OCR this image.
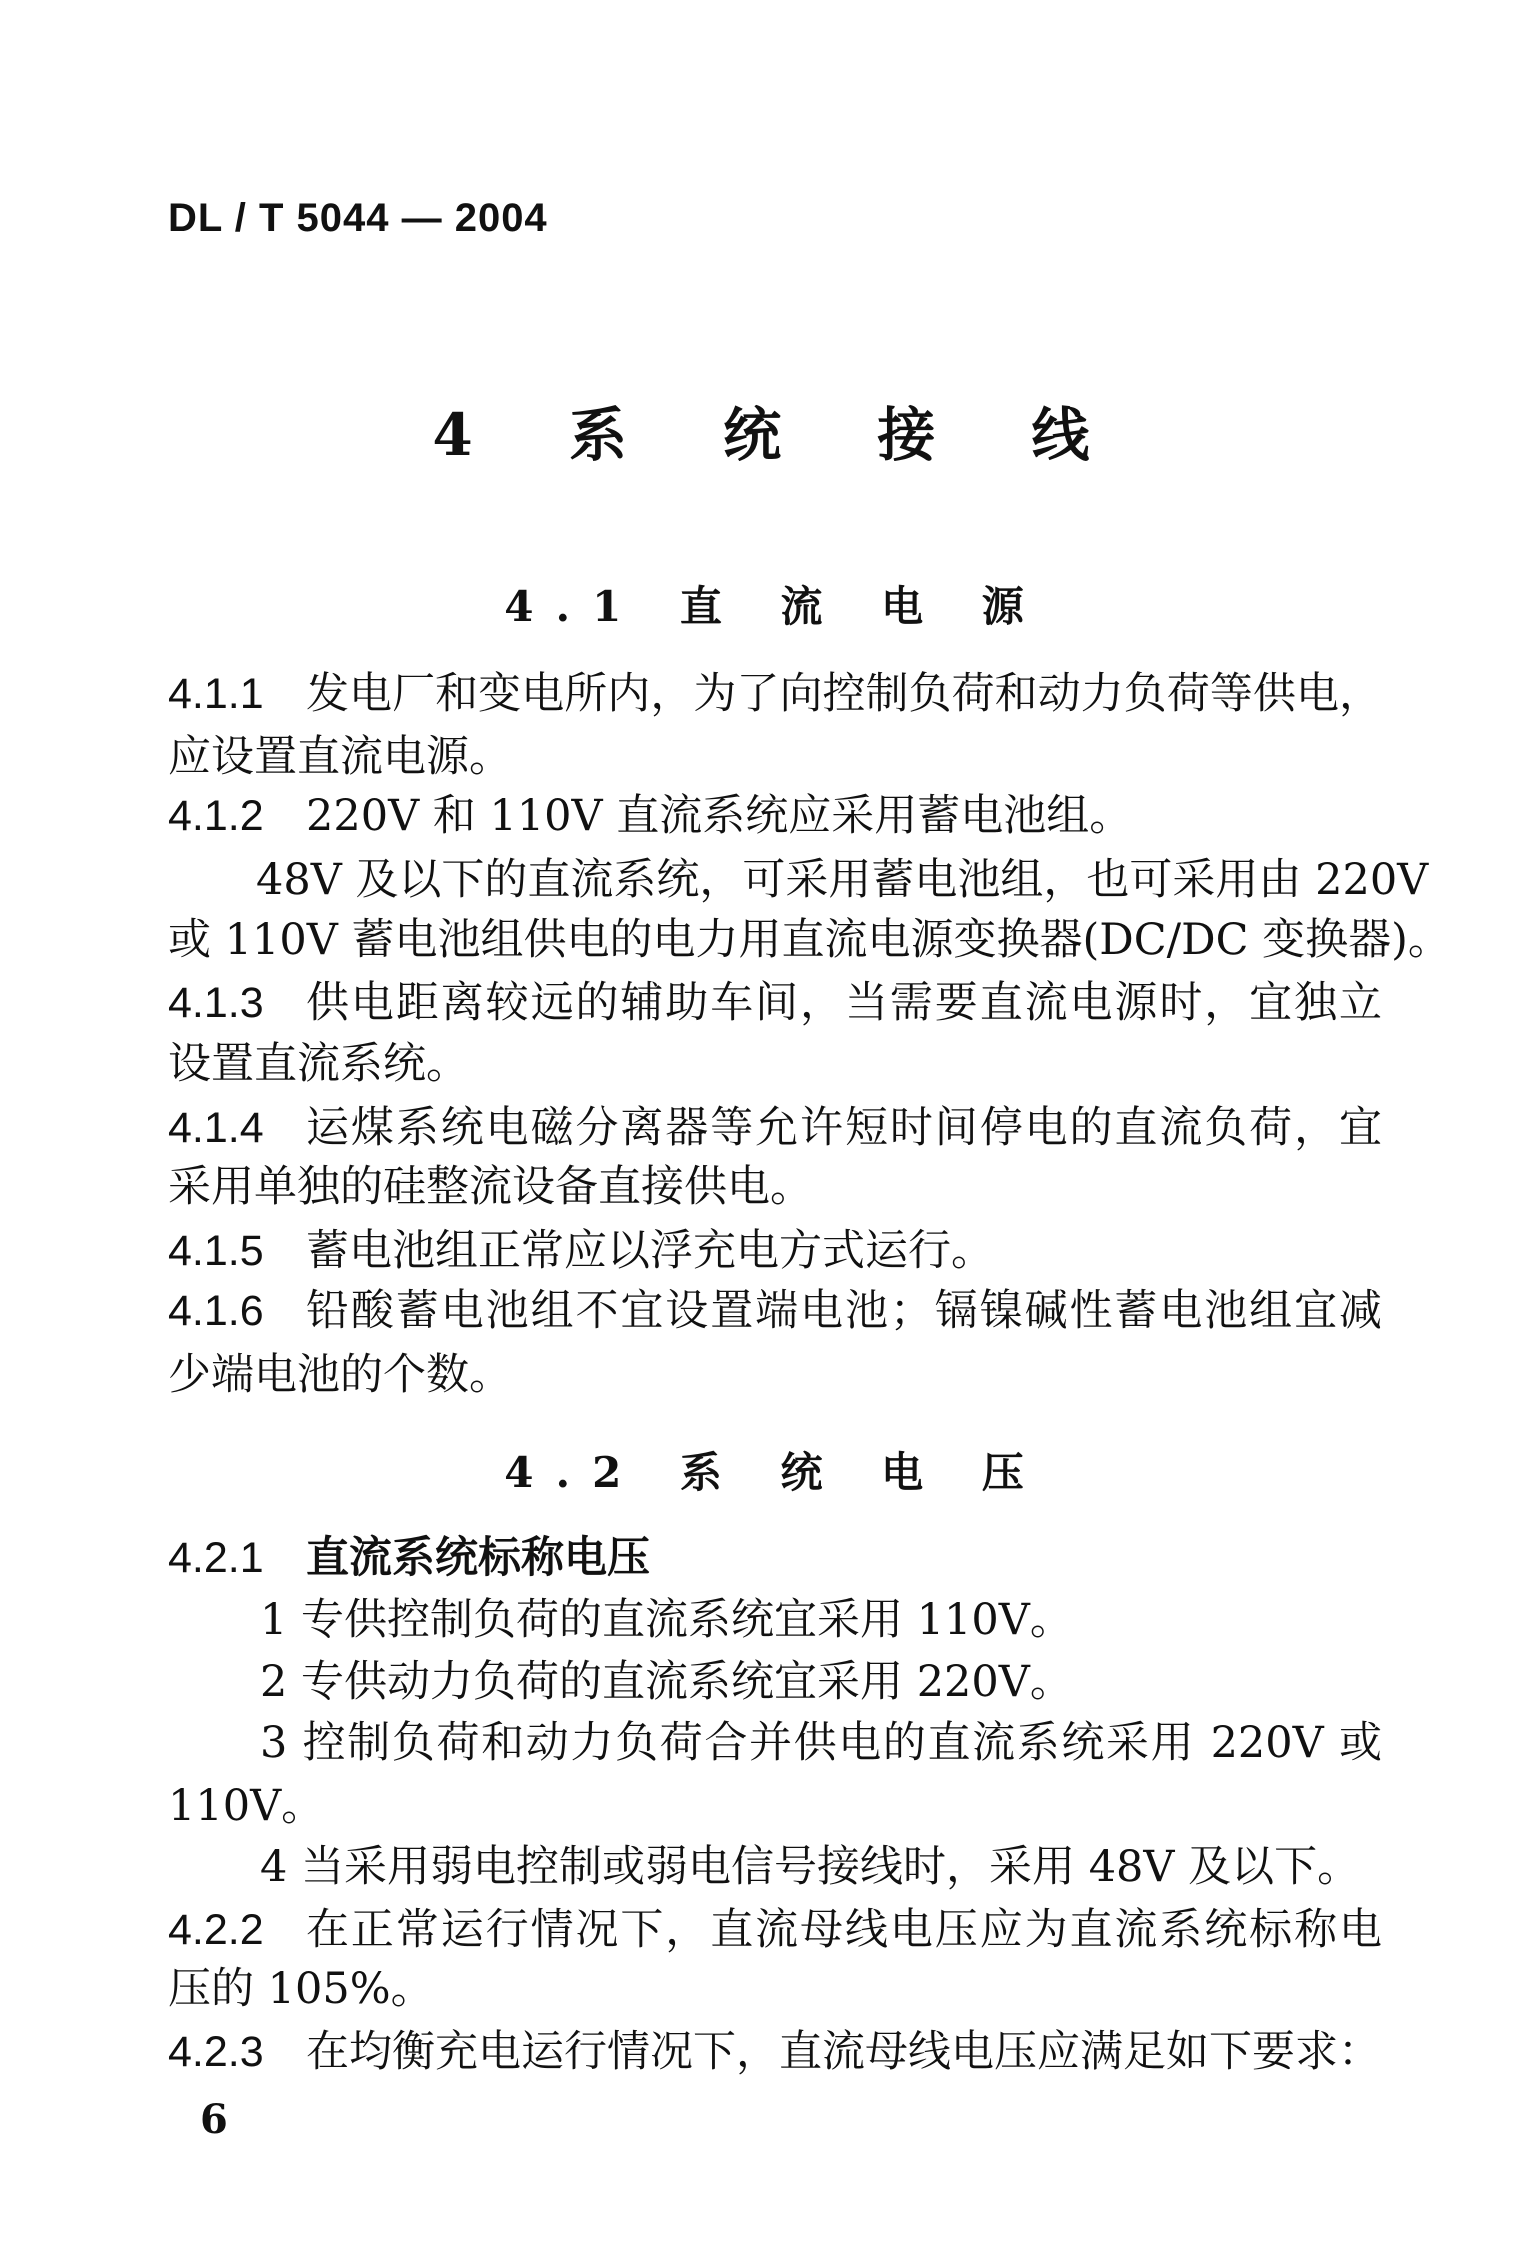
DL / T 5044 — 2004
4 系 统 接 线
4.1 直 流 电 源
4.2 系 统 电 压
4.1.1 发电厂和变电所内，为了向控制负荷和动力负荷等供电，
应设置直流电源。
4.1.2 220V 和 110V 直流系统应采用蓄电池组。
48V 及以下的直流系统，可采用蓄电池组，也可采用由 220V
或 110V 蓄电池组供电的电力用直流电源变换器(DC/DC 变换器)。
4.1.3 供电距离较远的辅助车间，当需要直流电源时，宜独立
设置直流系统。
4.1.4 运煤系统电磁分离器等允许短时间停电的直流负荷，宜
采用单独的硅整流设备直接供电。
4.1.5 蓄电池组正常应以浮充电方式运行。
4.1.6 铅酸蓄电池组不宜设置端电池；镉镍碱性蓄电池组宜减
少端电池的个数。
4.2.1 直流系统标称电压
1 专供控制负荷的直流系统宜采用 110V。
2 专供动力负荷的直流系统宜采用 220V。
3 控制负荷和动力负荷合并供电的直流系统采用 220V 或
110V。
4 当采用弱电控制或弱电信号接线时，采用 48V 及以下。
4.2.2 在正常运行情况下，直流母线电压应为直流系统标称电
压的 105%。
4.2.3 在均衡充电运行情况下，直流母线电压应满足如下要求：
6
